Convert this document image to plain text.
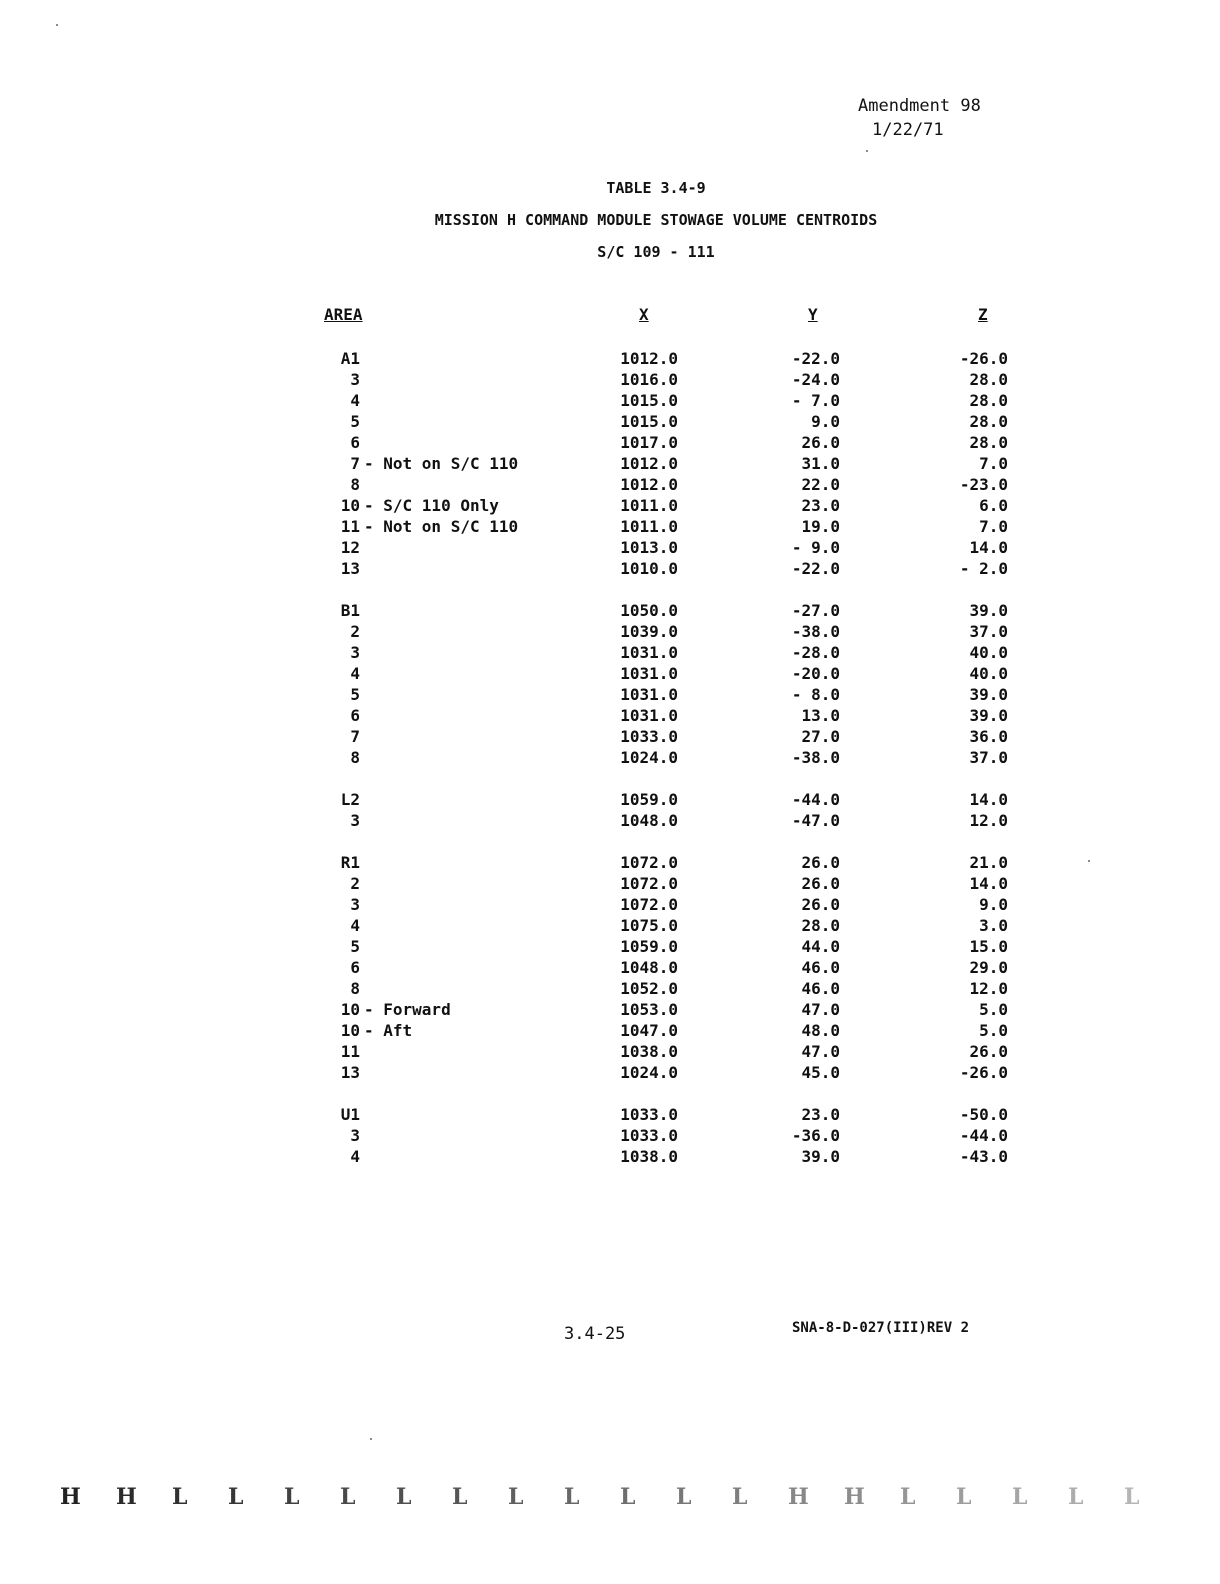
Amendment 98
1/22/71
TABLE 3.4-9
MISSION H COMMAND MODULE STOWAGE VOLUME CENTROIDS
S/C 109 - 111
AREA	X	Y	Z
A1	1012.0	-22.0	-26.0
3	1016.0	-24.0	28.0
4	1015.0	- 7.0	28.0
5	1015.0	9.0	28.0
6	1017.0	26.0	28.0
7 - Not on S/C 110	1012.0	31.0	7.0
8	1012.0	22.0	-23.0
10 - S/C 110 Only	1011.0	23.0	6.0
11 - Not on S/C 110	1011.0	19.0	7.0
12	1013.0	- 9.0	14.0
13	1010.0	-22.0	- 2.0
B1	1050.0	-27.0	39.0
2	1039.0	-38.0	37.0
3	1031.0	-28.0	40.0
4	1031.0	-20.0	40.0
5	1031.0	- 8.0	39.0
6	1031.0	13.0	39.0
7	1033.0	27.0	36.0
8	1024.0	-38.0	37.0
L2	1059.0	-44.0	14.0
3	1048.0	-47.0	12.0
R1	1072.0	26.0	21.0
2	1072.0	26.0	14.0
3	1072.0	26.0	9.0
4	1075.0	28.0	3.0
5	1059.0	44.0	15.0
6	1048.0	46.0	29.0
8	1052.0	46.0	12.0
10 - Forward	1053.0	47.0	5.0
10 - Aft	1047.0	48.0	5.0
11	1038.0	47.0	26.0
13	1024.0	45.0	-26.0
U1	1033.0	23.0	-50.0
3	1033.0	-36.0	-44.0
4	1038.0	39.0	-43.0
3.4-25	SNA-8-D-027(III)REV 2
H H L L L L L L L L L L L H H L L L L L
